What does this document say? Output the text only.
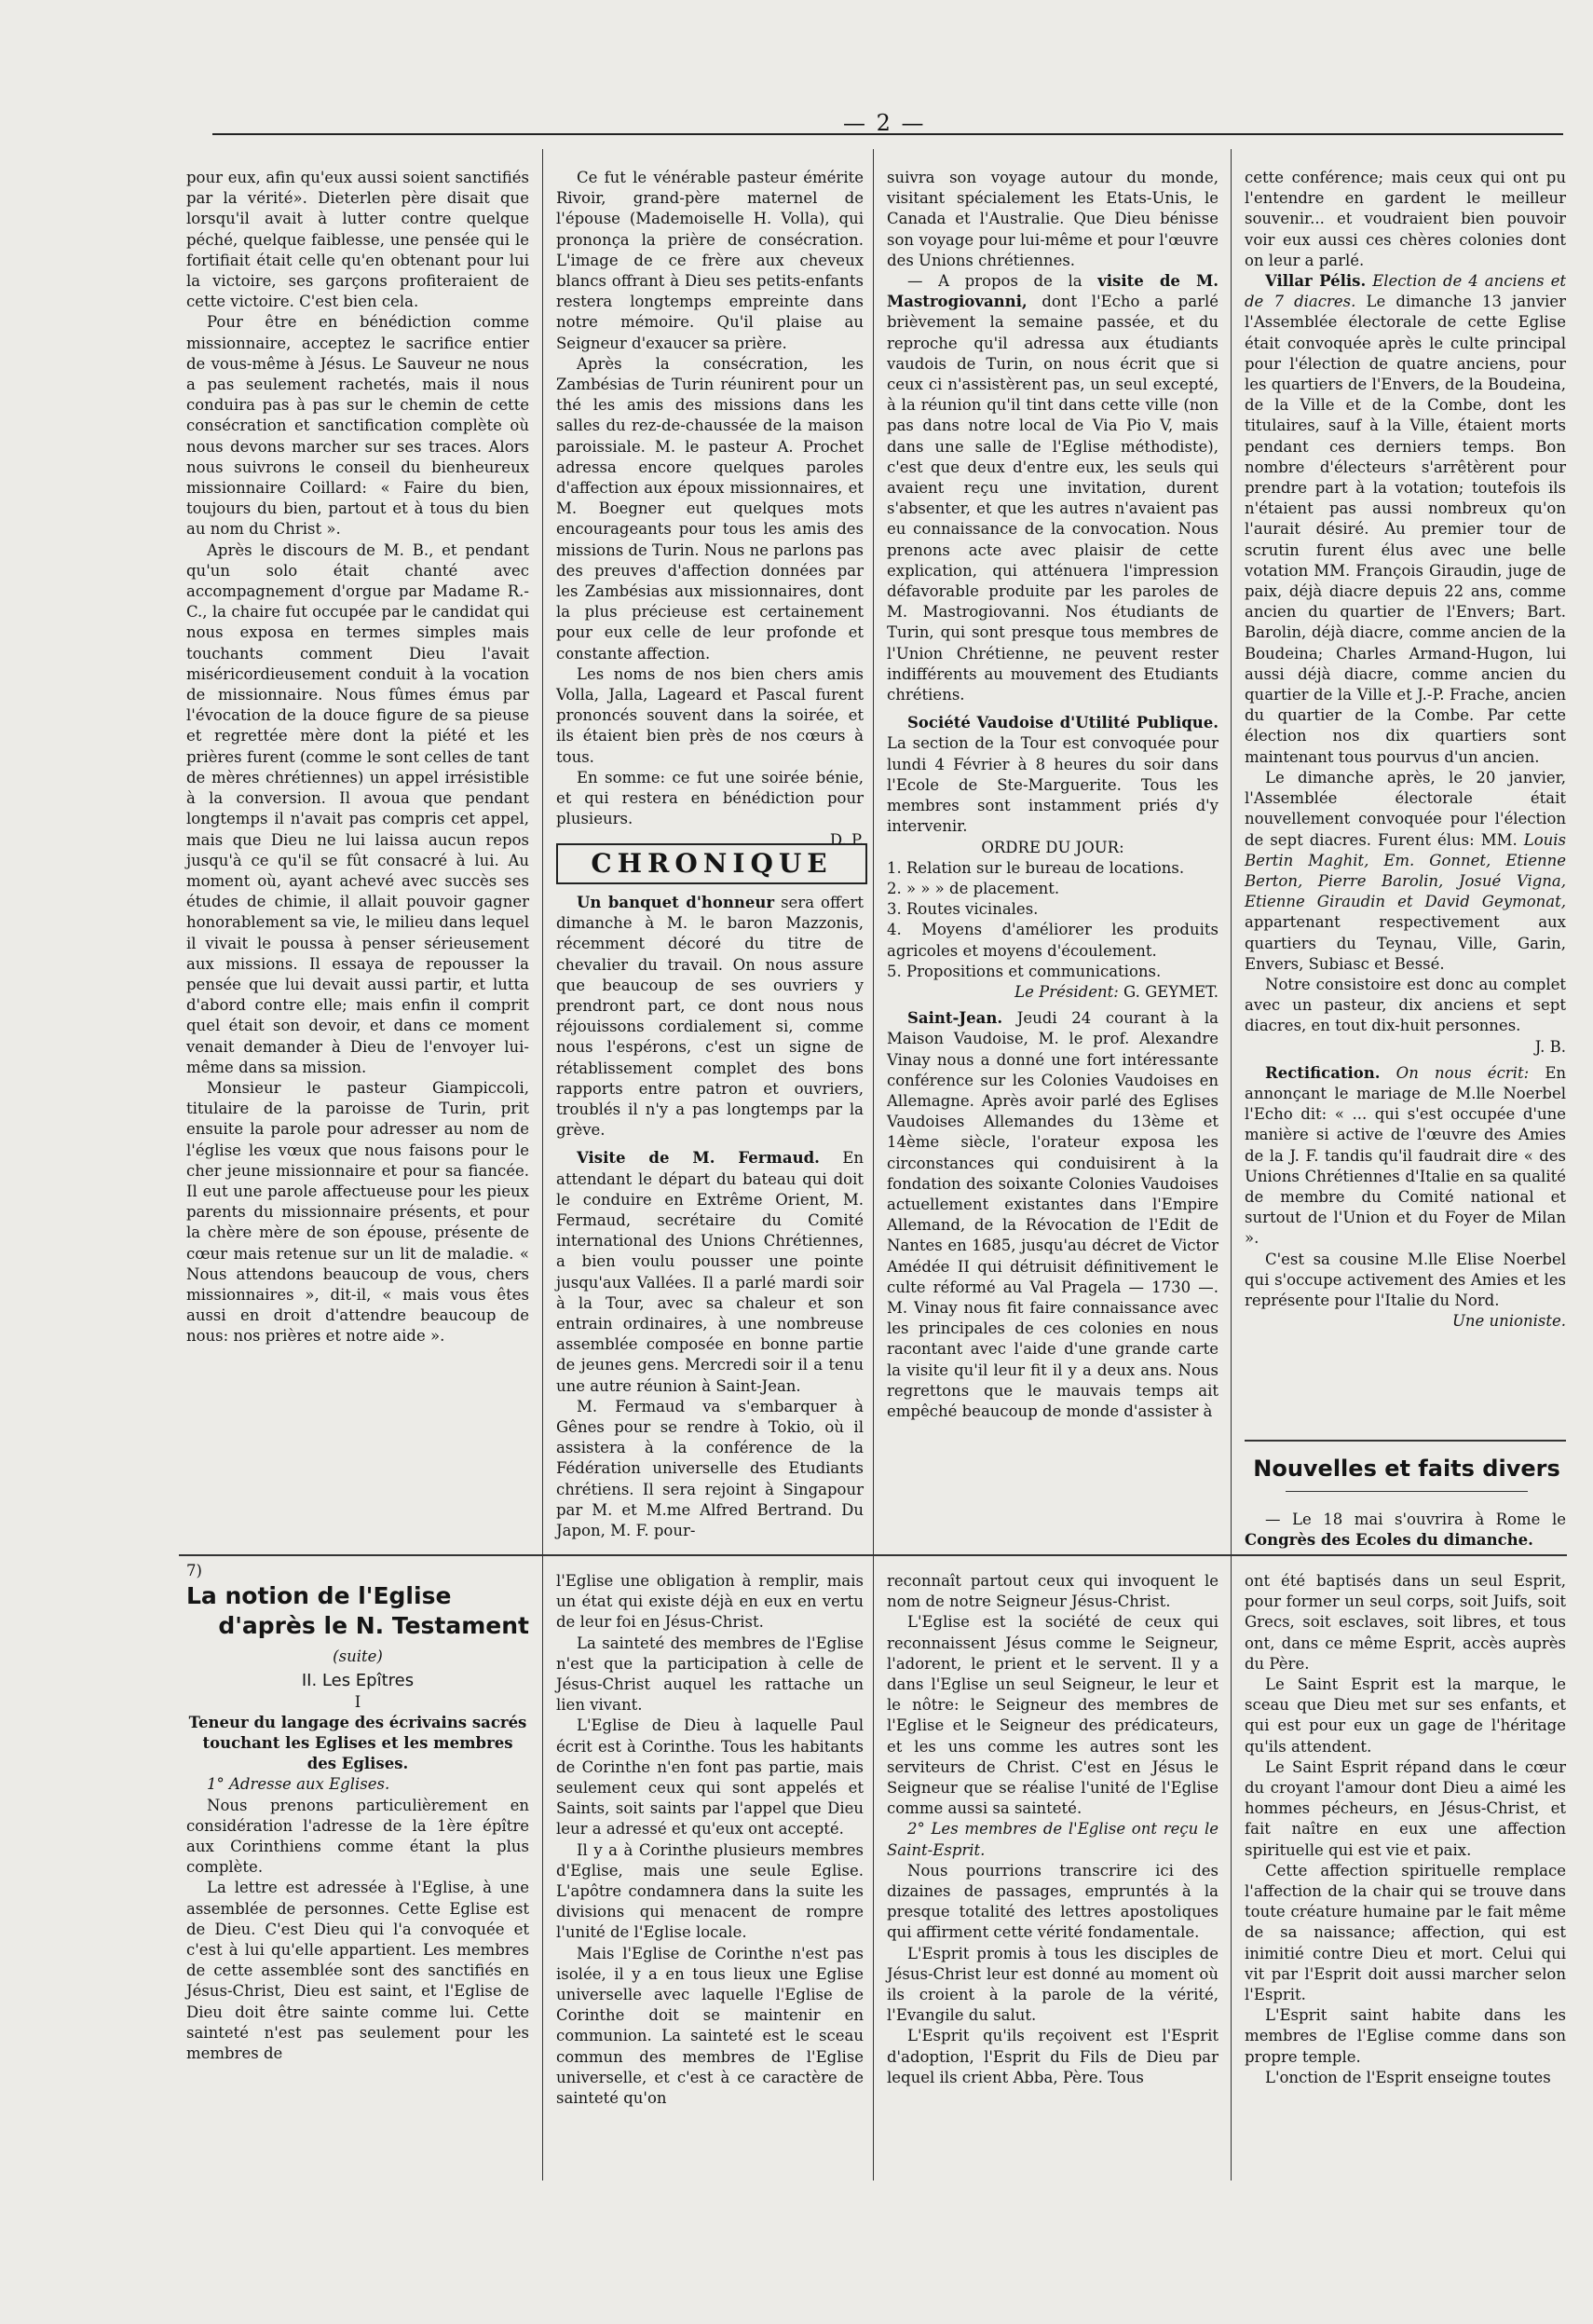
— 2 —

pour eux, afin qu'eux aussi soient sanctifiés par la vérité». Dieterlen père disait que lorsqu'il avait à lutter contre quelque péché, quelque faiblesse, une pensée qui le fortifiait était celle qu'en obtenant pour lui la victoire, ses garçons profiteraient de cette victoire. C'est bien cela.

Pour être en bénédiction comme missionnaire, acceptez le sacrifice entier de vous-même à Jésus. Le Sauveur ne nous a pas seulement rachetés, mais il nous conduira pas à pas sur le chemin de cette consécration et sanctification complète où nous devons marcher sur ses traces. Alors nous suivrons le conseil du bienheureux missionnaire Coillard: « Faire du bien, toujours du bien, partout et à tous du bien au nom du Christ ».

Après le discours de M. B., et pendant qu'un solo était chanté avec accompagnement d'orgue par Madame R.-C., la chaire fut occupée par le candidat qui nous exposa en termes simples mais touchants comment Dieu l'avait miséricordieusement conduit à la vocation de missionnaire. Nous fûmes émus par l'évocation de la douce figure de sa pieuse et regrettée mère dont la piété et les prières furent (comme le sont celles de tant de mères chrétiennes) un appel irrésistible à la conversion. Il avoua que pendant longtemps il n'avait pas compris cet appel, mais que Dieu ne lui laissa aucun repos jusqu'à ce qu'il se fût consacré à lui. Au moment où, ayant achevé avec succès ses études de chimie, il allait pouvoir gagner honorablement sa vie, le milieu dans lequel il vivait le poussa à penser sérieusement aux missions. Il essaya de repousser la pensée que lui devait aussi partir, et lutta d'abord contre elle; mais enfin il comprit quel était son devoir, et dans ce moment venait demander à Dieu de l'envoyer lui-même dans sa mission.

Monsieur le pasteur Giampiccoli, titulaire de la paroisse de Turin, prit ensuite la parole pour adresser au nom de l'église les vœux que nous faisons pour le cher jeune missionnaire et pour sa fiancée. Il eut une parole affectueuse pour les pieux parents du missionnaire présents, et pour la chère mère de son épouse, présente de cœur mais retenue sur un lit de maladie. « Nous attendons beaucoup de vous, chers missionnaires », dit-il, « mais vous êtes aussi en droit d'attendre beaucoup de nous: nos prières et notre aide ».

Ce fut le vénérable pasteur émérite Rivoir, grand-père maternel de l'épouse (Mademoiselle H. Volla), qui prononça la prière de consécration. L'image de ce frère aux cheveux blancs offrant à Dieu ses petits-enfants restera longtemps empreinte dans notre mémoire. Qu'il plaise au Seigneur d'exaucer sa prière.

Après la consécration, les Zambésias de Turin réunirent pour un thé les amis des missions dans les salles du rez-de-chaussée de la maison paroissiale. M. le pasteur A. Prochet adressa encore quelques paroles d'affection aux époux missionnaires, et M. Boegner eut quelques mots encourageants pour tous les amis des missions de Turin. Nous ne parlons pas des preuves d'affection données par les Zambésias aux missionnaires, dont la plus précieuse est certainement pour eux celle de leur profonde et constante affection.

Les noms de nos bien chers amis Volla, Jalla, Lageard et Pascal furent prononcés souvent dans la soirée, et ils étaient bien près de nos cœurs à tous.

En somme: ce fut une soirée bénie, et qui restera en bénédiction pour plusieurs.

D. P.

CHRONIQUE

Un banquet d'honneur sera offert dimanche à M. le baron Mazzonis, récemment décoré du titre de chevalier du travail. On nous assure que beaucoup de ses ouvriers y prendront part, ce dont nous nous réjouissons cordialement si, comme nous l'espérons, c'est un signe de rétablissement complet des bons rapports entre patron et ouvriers, troublés il n'y a pas longtemps par la grève.

Visite de M. Fermaud. En attendant le départ du bateau qui doit le conduire en Extrême Orient, M. Fermaud, secrétaire du Comité international des Unions Chrétiennes, a bien voulu pousser une pointe jusqu'aux Vallées. Il a parlé mardi soir à la Tour, avec sa chaleur et son entrain ordinaires, à une nombreuse assemblée composée en bonne partie de jeunes gens. Mercredi soir il a tenu une autre réunion à Saint-Jean.

M. Fermaud va s'embarquer à Gênes pour se rendre à Tokio, où il assistera à la conférence de la Fédération universelle des Etudiants chrétiens. Il sera rejoint à Singapour par M. et M.me Alfred Bertrand. Du Japon, M. F. pour-

suivra son voyage autour du monde, visitant spécialement les Etats-Unis, le Canada et l'Australie. Que Dieu bénisse son voyage pour lui-même et pour l'œuvre des Unions chrétiennes.

— A propos de la visite de M. Mastrogiovanni, dont l'Echo a parlé brièvement la semaine passée, et du reproche qu'il adressa aux étudiants vaudois de Turin, on nous écrit que si ceux ci n'assistèrent pas, un seul excepté, à la réunion qu'il tint dans cette ville (non pas dans notre local de Via Pio V, mais dans une salle de l'Eglise méthodiste), c'est que deux d'entre eux, les seuls qui avaient reçu une invitation, durent s'absenter, et que les autres n'avaient pas eu connaissance de la convocation. Nous prenons acte avec plaisir de cette explication, qui atténuera l'impression défavorable produite par les paroles de M. Mastrogiovanni. Nos étudiants de Turin, qui sont presque tous membres de l'Union Chrétienne, ne peuvent rester indifférents au mouvement des Etudiants chrétiens.

Société Vaudoise d'Utilité Publique. La section de la Tour est convoquée pour lundi 4 Février à 8 heures du soir dans l'Ecole de Ste-Marguerite. Tous les membres sont instamment priés d'y intervenir.

ORDRE DU JOUR:

1. Relation sur le bureau de locations.

2. » » » de placement.

3. Routes vicinales.

4. Moyens d'améliorer les produits agricoles et moyens d'écoulement.

5. Propositions et communications.

Le Président: G. GEYMET.

Saint-Jean. Jeudi 24 courant à la Maison Vaudoise, M. le prof. Alexandre Vinay nous a donné une fort intéressante conférence sur les Colonies Vaudoises en Allemagne. Après avoir parlé des Eglises Vaudoises Allemandes du 13ème et 14ème siècle, l'orateur exposa les circonstances qui conduisirent à la fondation des soixante Colonies Vaudoises actuellement existantes dans l'Empire Allemand, de la Révocation de l'Edit de Nantes en 1685, jusqu'au décret de Victor Amédée II qui détruisit définitivement le culte réformé au Val Pragela — 1730 —. M. Vinay nous fit faire connaissance avec les principales de ces colonies en nous racontant avec l'aide d'une grande carte la visite qu'il leur fit il y a deux ans. Nous regrettons que le mauvais temps ait empêché beaucoup de monde d'assister à

cette conférence; mais ceux qui ont pu l'entendre en gardent le meilleur souvenir... et voudraient bien pouvoir voir eux aussi ces chères colonies dont on leur a parlé.

Villar Pélis. Election de 4 anciens et de 7 diacres. Le dimanche 13 janvier l'Assemblée électorale de cette Eglise était convoquée après le culte principal pour l'élection de quatre anciens, pour les quartiers de l'Envers, de la Boudeina, de la Ville et de la Combe, dont les titulaires, sauf à la Ville, étaient morts pendant ces derniers temps. Bon nombre d'électeurs s'arrêtèrent pour prendre part à la votation; toutefois ils n'étaient pas aussi nombreux qu'on l'aurait désiré. Au premier tour de scrutin furent élus avec une belle votation MM. François Giraudin, juge de paix, déjà diacre depuis 22 ans, comme ancien du quartier de l'Envers; Bart. Barolin, déjà diacre, comme ancien de la Boudeina; Charles Armand-Hugon, lui aussi déjà diacre, comme ancien du quartier de la Ville et J.-P. Frache, ancien du quartier de la Combe. Par cette élection nos dix quartiers sont maintenant tous pourvus d'un ancien.

Le dimanche après, le 20 janvier, l'Assemblée électorale était nouvellement convoquée pour l'élection de sept diacres. Furent élus: MM. Louis Bertin Maghit, Em. Gonnet, Etienne Berton, Pierre Barolin, Josué Vigna, Etienne Giraudin et David Geymonat, appartenant respectivement aux quartiers du Teynau, Ville, Garin, Envers, Subiasc et Bessé.

Notre consistoire est donc au complet avec un pasteur, dix anciens et sept diacres, en tout dix-huit personnes.

J. B.

Rectification. On nous écrit: En annonçant le mariage de M.lle Noerbel l'Echo dit: « ... qui s'est occupée d'une manière si active de l'œuvre des Amies de la J. F. tandis qu'il faudrait dire « des Unions Chrétiennes d'Italie en sa qualité de membre du Comité national et surtout de l'Union et du Foyer de Milan ».

C'est sa cousine M.lle Elise Noerbel qui s'occupe activement des Amies et les représente pour l'Italie du Nord.

Une unioniste.

Nouvelles et faits divers

— Le 18 mai s'ouvrira à Rome le Congrès des Ecoles du dimanche.

7)

La notion de l'Eglise
d'après le N. Testament

(suite)

II. Les Epîtres

I

Teneur du langage des écrivains sacrés touchant les Eglises et les membres des Eglises.

1° Adresse aux Eglises.

Nous prenons particulièrement en considération l'adresse de la 1ère épître aux Corinthiens comme étant la plus complète.

La lettre est adressée à l'Eglise, à une assemblée de personnes. Cette Eglise est de Dieu. C'est Dieu qui l'a convoquée et c'est à lui qu'elle appartient. Les membres de cette assemblée sont des sanctifiés en Jésus-Christ, Dieu est saint, et l'Eglise de Dieu doit être sainte comme lui. Cette sainteté n'est pas seulement pour les membres de

l'Eglise une obligation à remplir, mais un état qui existe déjà en eux en vertu de leur foi en Jésus-Christ.

La sainteté des membres de l'Eglise n'est que la participation à celle de Jésus-Christ auquel les rattache un lien vivant.

L'Eglise de Dieu à laquelle Paul écrit est à Corinthe. Tous les habitants de Corinthe n'en font pas partie, mais seulement ceux qui sont appelés et Saints, soit saints par l'appel que Dieu leur a adressé et qu'eux ont accepté.

Il y a à Corinthe plusieurs membres d'Eglise, mais une seule Eglise. L'apôtre condamnera dans la suite les divisions qui menacent de rompre l'unité de l'Eglise locale.

Mais l'Eglise de Corinthe n'est pas isolée, il y a en tous lieux une Eglise universelle avec laquelle l'Eglise de Corinthe doit se maintenir en communion. La sainteté est le sceau commun des membres de l'Eglise universelle, et c'est à ce caractère de sainteté qu'on

reconnaît partout ceux qui invoquent le nom de notre Seigneur Jésus-Christ.

L'Eglise est la société de ceux qui reconnaissent Jésus comme le Seigneur, l'adorent, le prient et le servent. Il y a dans l'Eglise un seul Seigneur, le leur et le nôtre: le Seigneur des membres de l'Eglise et le Seigneur des prédicateurs, et les uns comme les autres sont les serviteurs de Christ. C'est en Jésus le Seigneur que se réalise l'unité de l'Eglise comme aussi sa sainteté.

2° Les membres de l'Eglise ont reçu le Saint-Esprit.

Nous pourrions transcrire ici des dizaines de passages, empruntés à la presque totalité des lettres apostoliques qui affirment cette vérité fondamentale.

L'Esprit promis à tous les disciples de Jésus-Christ leur est donné au moment où ils croient à la parole de la vérité, l'Evangile du salut.

L'Esprit qu'ils reçoivent est l'Esprit d'adoption, l'Esprit du Fils de Dieu par lequel ils crient Abba, Père. Tous

ont été baptisés dans un seul Esprit, pour former un seul corps, soit Juifs, soit Grecs, soit esclaves, soit libres, et tous ont, dans ce même Esprit, accès auprès du Père.

Le Saint Esprit est la marque, le sceau que Dieu met sur ses enfants, et qui est pour eux un gage de l'héritage qu'ils attendent.

Le Saint Esprit répand dans le cœur du croyant l'amour dont Dieu a aimé les hommes pécheurs, en Jésus-Christ, et fait naître en eux une affection spirituelle qui est vie et paix.

Cette affection spirituelle remplace l'affection de la chair qui se trouve dans toute créature humaine par le fait même de sa naissance; affection, qui est inimitié contre Dieu et mort. Celui qui vit par l'Esprit doit aussi marcher selon l'Esprit.

L'Esprit saint habite dans les membres de l'Eglise comme dans son propre temple.

L'onction de l'Esprit enseigne toutes
